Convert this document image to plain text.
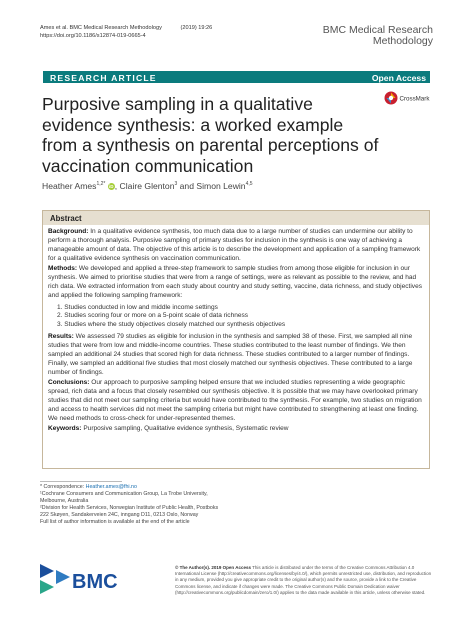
Ames et al. BMC Medical Research Methodology	(2019) 19:26
https://doi.org/10.1186/s12874-019-0665-4	BMC Medical Research
Methodology
RESEARCH ARTICLE	Open Access
CrossMark
Purposive sampling in a qualitative evidence synthesis: a worked example from a synthesis on parental perceptions of vaccination communication
Heather Ames$^{1,2*}$ iD, Claire Glenton$^3$ and Simon Lewin$^{4,5}$
Abstract

Background: In a qualitative evidence synthesis, too much data due to a large number of studies can undermine our ability to perform a thorough analysis. Purposive sampling of primary studies for inclusion in the synthesis is one way of achieving a manageable amount of data. The objective of this article is to describe the development and application of a sampling framework for a qualitative evidence synthesis on vaccination communication.

Methods: We developed and applied a three-step framework to sample studies from among those eligible for inclusion in our synthesis. We aimed to prioritise studies that were from a range of settings, were as relevant as possible to the review, and had rich data. We extracted information from each study about country and study setting, vaccine, data richness, and study objectives and applied the following sampling framework:

1. Studies conducted in low and middle income settings
2. Studies scoring four or more on a 5-point scale of data richness
3. Studies where the study objectives closely matched our synthesis objectives

Results: We assessed 79 studies as eligible for inclusion in the synthesis and sampled 38 of these. First, we sampled all nine studies that were from low and middle-income countries. These studies contributed to the least number of findings. We then sampled an additional 24 studies that scored high for data richness. These studies contributed to a larger number of findings. Finally, we sampled an additional five studies that most closely matched our synthesis objectives. These contributed to a large number of findings.

Conclusions: Our approach to purposive sampling helped ensure that we included studies representing a wide geographic spread, rich data and a focus that closely resembled our synthesis objective. It is possible that we may have overlooked primary studies that did not meet our sampling criteria but would have contributed to the synthesis. For example, two studies on migration and access to health services did not meet the sampling criteria but might have contributed to strengthening at least one finding. We need methods to cross-check for under-represented themes.

Keywords: Purposive sampling, Qualitative evidence synthesis, Systematic review

* Correspondence: Heather.ames@fhi.no

¹Cochrane Consumers and Communication Group, La Trobe University,

Melbourne, Australia

²Division for Health Services, Norwegian Institute of Public Health, Postboks

222 Skøyen, Sandakerveien 24C, inngang D11, 0213 Oslo, Norway

Full list of author information is available at the end of the article

BMC
© The Author(s). 2019 Open Access This article is distributed under the terms of the Creative Commons Attribution 4.0 International License (http://creativecommons.org/licenses/by/4.0/), which permits unrestricted use, distribution, and reproduction in any medium, provided you give appropriate credit to the original author(s) and the source, provide a link to the Creative Commons license, and indicate if changes were made. The Creative Commons Public Domain Dedication waiver (http://creativecommons.org/publicdomain/zero/1.0/) applies to the data made available in this article, unless otherwise stated.
